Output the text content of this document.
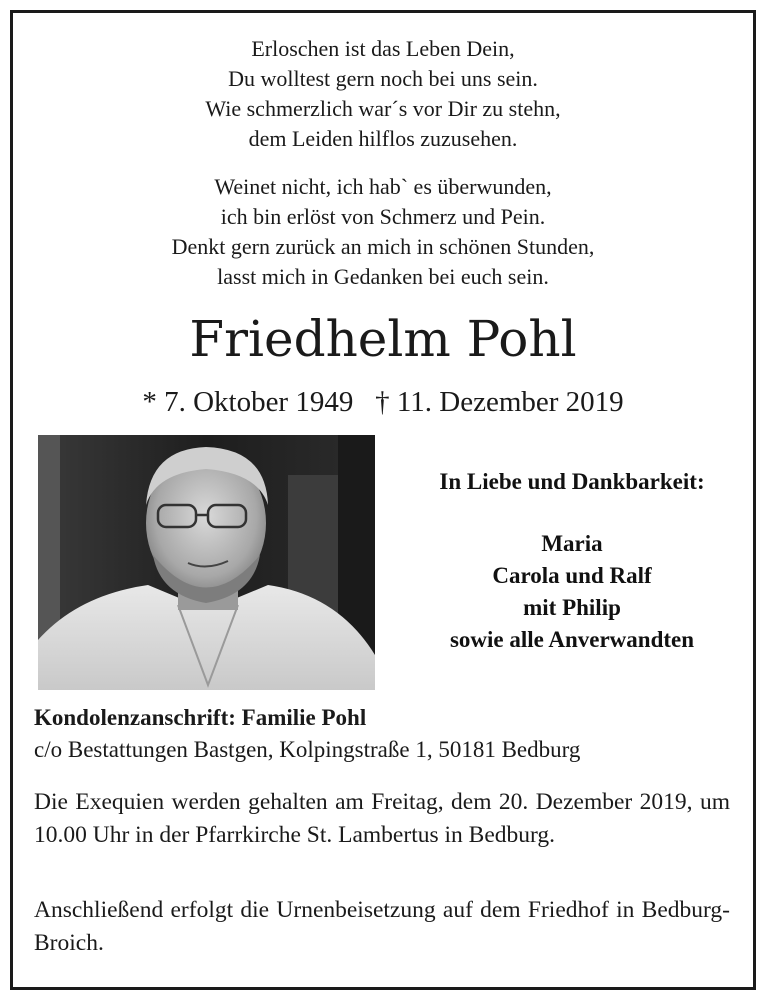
Erloschen ist das Leben Dein,
Du wolltest gern noch bei uns sein.
Wie schmerzlich war´s vor Dir zu stehn,
dem Leiden hilflos zuzusehen.
Weinet nicht, ich hab` es überwunden,
ich bin erlöst von Schmerz und Pein.
Denkt gern zurück an mich in schönen Stunden,
lasst mich in Gedanken bei euch sein.
Friedhelm Pohl
* 7. Oktober 1949 † 11. Dezember 2019
In Liebe und Dankbarkeit:
Maria
Carola und Ralf
mit Philip
sowie alle Anverwandten
Kondolenzanschrift: Familie Pohl
c/o Bestattungen Bastgen, Kolpingstraße 1, 50181 Bedburg
Die Exequien werden gehalten am Freitag, dem 20. Dezember 2019, um 10.00 Uhr in der Pfarrkirche St. Lambertus in Bedburg.
Anschließend erfolgt die Urnenbeisetzung auf dem Friedhof in Bedburg-Broich.
